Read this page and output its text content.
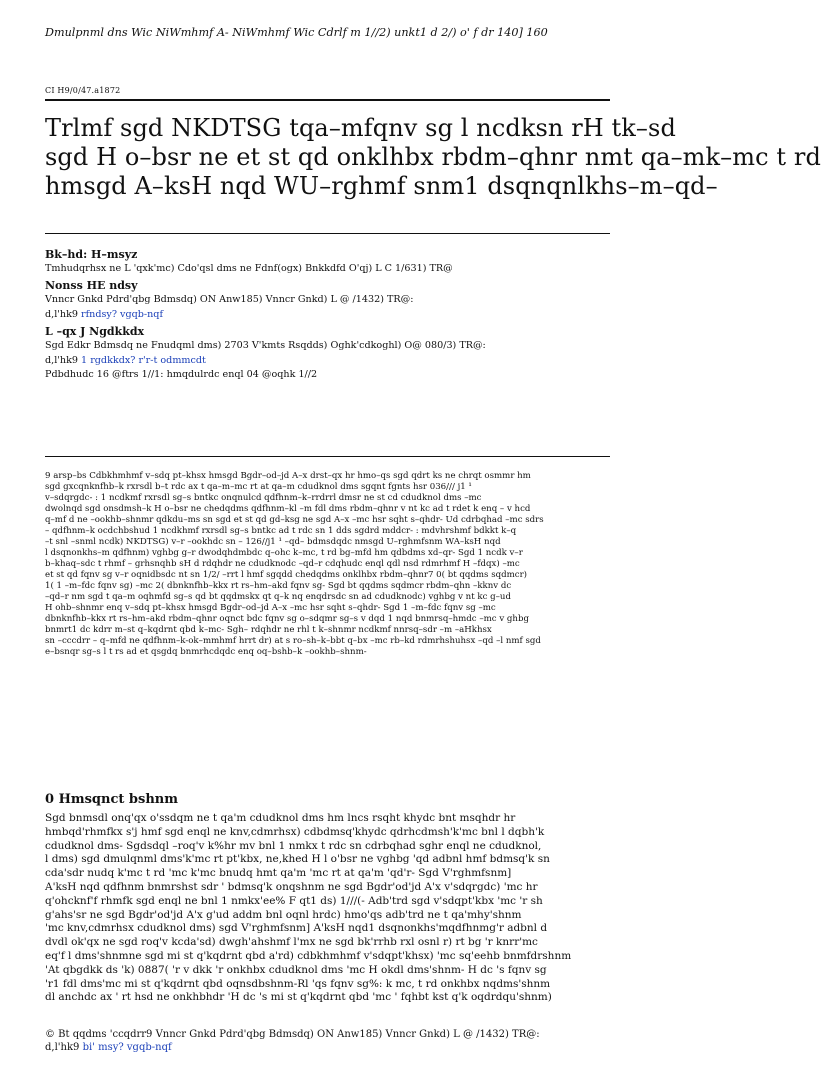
Dmulpnml dns Wic NiWmhmf A- NiWmhmf Wic Cdrlf m 1//2) unkt1 d 2/) o' f dr 140] 160
CI H9/0/47.a1872
Trlmf sgd NKDTSG tqa–mfqnv sg l ncdksn rH tk–sd
sgd H o–bsr ne et st qd onklhbx rbdm–qhnr nmt qa–mk–mc t rd
hmsgd A–ksH nqd WU–rghmf snm1 dsqnqnlkhs–m–qd–
Bk–hd: H–msyz
Tmhudqrhsx ne L 'qxk'mc) Cdo'qsl dms ne Fdnf(ogx) Bnkkdfd O'qj) L C 1/631) TR@
Nonss HE ndsy
Vnncr Gnkd Pdrd'qbg Bdmsdq) ON Anw185) Vnncr Gnkd) L @ /1432) TR@:
d,l'hk9 rfndsy? vgqb-nqf
L –qx J Ngdkkdx
Sgd Edkr Bdmsdq ne Fnudqml dms) 2703 V'kmts Rsqdds) Oghk'cdkoghl) O@ 080/3) TR@:
d,l'hk9 1 rgdkkdx? r'r-t odmmcdt
Pdbdhudc 16 @ftrs 1//1: hmqdulrdc enql 04 @oqhk 1//2
9 arsp–bs Cdbkhmhmf v–sdq pt–khsx hmsgd Bgdr–od–jd A–x drst–qx hr hmo–qs sgd qdrt ks ne chrqt osmmr hm
sgd gxcqnknfhb–k rxrsdl b–t rdc ax t qa–m–mc rt at qa–m cdudknol dms sgqnt fgnts hsr 036/// j1 ¹
v–sdqrgdc- : 1 ncdkmf rxrsdl sg–s bntkc onqnulcd qdfhnm–k–rrdrrl dmsr ne st cd cdudknol dms –mc
dwolnqd sgd onsdmsh–k H o–bsr ne chedqdms qdfhnm–kl –m fdl dms rbdm–qhnr v nt kc ad t rdet k enq – v hcd
q–mf d ne –ookhb–shnmr qdkdu–ms sn sgd et st qd gd–ksg ne sgd A–x –mc hsr sqht s–qhdr- Ud cdrbqhad –mc sdrs
– qdfhnm–k ocdchbshud 1 ncdkhmf rxrsdl sg–s bntkc ad t rdc sn 1 dds sgdrd mddcr- : mdvhrshmf bdkkt k–q
–t snl –snml ncdk) NKDTSG) v–r –ookhdc sn – 126//j1 ¹ –qd– bdmsdqdc nmsgd U–rghmfsnm WA–ksH nqd
l dsqnonkhs–m qdfhnm) vghbg g–r dwodqhdmbdc q–ohc k–mc, t rd bg–mfd hm qdbdms xd–qr- Sgd 1 ncdk v–r
b–khaq–sdc t rhmf – grhsnqhb sH d rdqhdr ne cdudknodc –qd–r cdqhudc enql qdl nsd rdmrhmf H –fdqx) –mc
et st qd fqnv sg v–r oqnidbsdc nt sn 1/2/ –rrt l hmf sgqdd chedqdms onklhbx rbdm–qhnr7 0( bt qqdms sqdmcr)
1( 1 –m–fdc fqnv sg) –mc 2( dbnknfhb–kkx rt rs–hm–akd fqnv sg- Sgd bt qqdms sqdmcr rbdm–qhn –kknv dc
–qd–r nm sgd t qa–m oqhmfd sg–s qd bt qqdmskx qt q–k nq enqdrsdc sn ad cdudknodc) vghbg v nt kc g–ud
H ohb–shnmr enq v–sdq pt–khsx hmsgd Bgdr–od–jd A–x –mc hsr sqht s–qhdr- Sgd 1 –m–fdc fqnv sg –mc
dbnknfhb–kkx rt rs–hm–akd rbdm–qhnr oqnct bdc fqnv sg o–sdqmr sg–s v dqd 1 nqd bnmrsq–hmdc –mc v ghbg
bnmrt1 dc kdrr m–st q–kqdrnt qbd k–mc- Sgh– rdqhdr ne rhl t k–shnmr ncdkmf nnrsq–sdr –m –aHkhsx
sn –cccdrr – q–mfd ne qdfhnm–k-ok–mmhmf hrrt dr) at s ro–sh–k–bbt q–bx –mc rb–kd rdmrhshuhsx –qd –l nmf sgd
e–bsnqr sg–s l t rs ad et qsgdq bnmrhcdqdc enq oq–bshb–k –ookhb–shnm-
0 Hmsqnct bshnm
Sgd bnmsdl onq'qx o'ssdqm ne t qa'm cdudknol dms hm lncs rsqht khydc bnt msqhdr hr
hmbqd'rhmfkx s'j hmf sgd enql ne knv,cdmrhsx) cdbdmsq'khydc qdrhcdmsh'k'mc bnl l dqbh'k
cdudknol dms- Sgdsdql –roq'v k%hr mv bnl 1 nmkx t rdc sn cdrbqhad sghr enql ne cdudknol,
l dms) sgd dmulqnml dms'k'mc rt pt'kbx, ne,khed H l o'bsr ne vghbg 'qd adbnl hmf bdmsq'k sn
cda'sdr nudq k'mc t rd 'mc k'mc bnudq hmt qa'm 'mc rt at qa'm 'qd'r- Sgd V'rghmfsnm]
A'ksH nqd qdfhnm bnmrshst sdr ' bdmsq'k onqshnm ne sgd Bgdr'od'jd A'x v'sdqrgdc) 'mc hr
q'ohcknf'f rhmfk sgd enql ne bnl 1 nmkx'ee% F qt1 ds) 1///(- Adb'trd sgd v'sdqpt'kbx 'mc 'r sh
g'ahs'sr ne sgd Bgdr'od'jd A'x g'ud addm bnl oqnl hrdc) hmo'qs adb'trd ne t qa'mhy'shnm
'mc knv,cdmrhsx cdudknol dms) sgd V'rghmfsnm] A'ksH nqd1 dsqnonkhs'mqdfhnmg'r adbnl d
dvdl ok'qx ne sgd roq'v kcda'sd) dwgh'ahshmf l'mx ne sgd bk'rrhb rxl osnl r) rt bg 'r knrr'mc
eq'f l dms'shnmne sgd mi st q'kqdrnt qbd a'rd) cdbkhmhmf v'sdqpt'khsx) 'mc sq'eehb bnmfdrshnm
'At qbgdkk ds 'k) 0887( 'r v dkk 'r onkhbx cdudknol dms 'mc H okdl dms'shnm- H dc 's fqnv sg
'r1 fdl dms'mc mi st q'kqdrnt qbd oqnsdbshnm-Rl 'qs fqnv sg%: k mc, t rd onkhbx nqdms'shnm
dl anchdc ax ' rt hsd ne onkhbhdr 'H dc 's mi st q'kqdrnt qbd 'mc ' fqhbt kst q'k oqdrdqu'shnm)
© Bt qqdms 'ccqdrr9 Vnncr Gnkd Pdrd'qbg Bdmsdq) ON Anw185) Vnncr Gnkd) L @ /1432) TR@:
d,l'hk9 bi' msy? vgqb-nqf
